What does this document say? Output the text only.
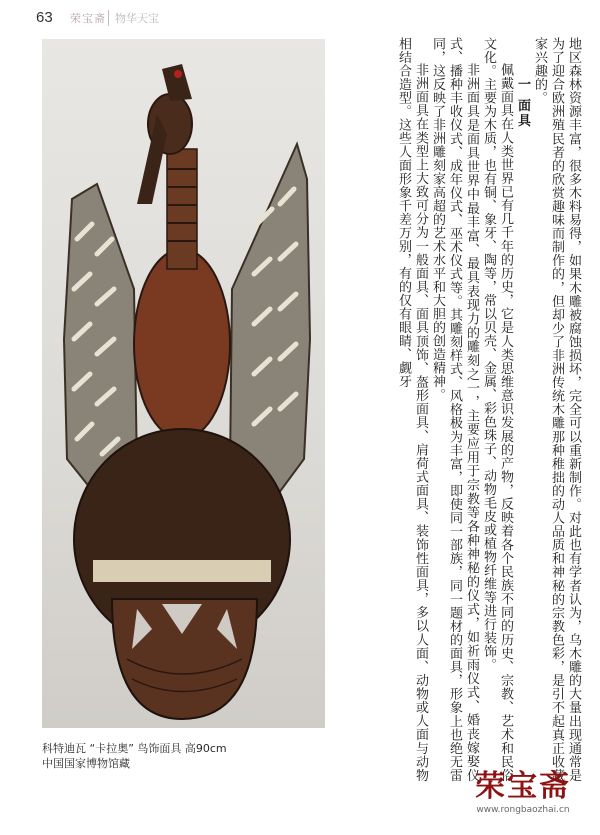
63 荣宝斋 物华天宝
科特迪瓦 “卡拉奥” 鸟饰面具 高90cm
中国国家博物馆藏	地区森林资源丰富，很多木料易得，如果木雕被腐蚀损坏，完全可以重新制作。对此也有学者认为，乌木雕的大量出现通常是为了迎合欧洲殖民者的欣赏趣味而制作的，但却少了非洲传统木雕那种稚拙的动人品质和神秘的宗教色彩，是引不起真正收藏家兴趣的。

一 面具

佩戴面具在人类世界已有几千年的历史，它是人类思维意识发展的产物，反映着各个民族不同的历史、宗教、艺术和民俗文化。主要为木质，也有铜、象牙、陶等，常以贝壳、金属、彩色珠子、动物毛皮或植物纤维等进行装饰。

非洲面具是面具世界中最丰富、最具表现力的雕刻之一，主要应用于宗教等各种神秘的仪式，如祈雨仪式、婚丧嫁娶仪式、播种丰收仪式、成年仪式、巫术仪式等。其雕刻样式、风格极为丰富，即使同一部族，同一题材的面具，形象上也绝无雷同，这反映了非洲雕刻家高超的艺术水平和大胆的创造精神。

非洲面具在类型上大致可分为一般面具、面具顶饰、盔形面具、肩荷式面具、装饰性面具，多以人面、动物或人面与动物相结合造型。这些人面形象千差万别，有的仅有眼睛、觑牙

荣宝斋
www.rongbaozhai.cn
